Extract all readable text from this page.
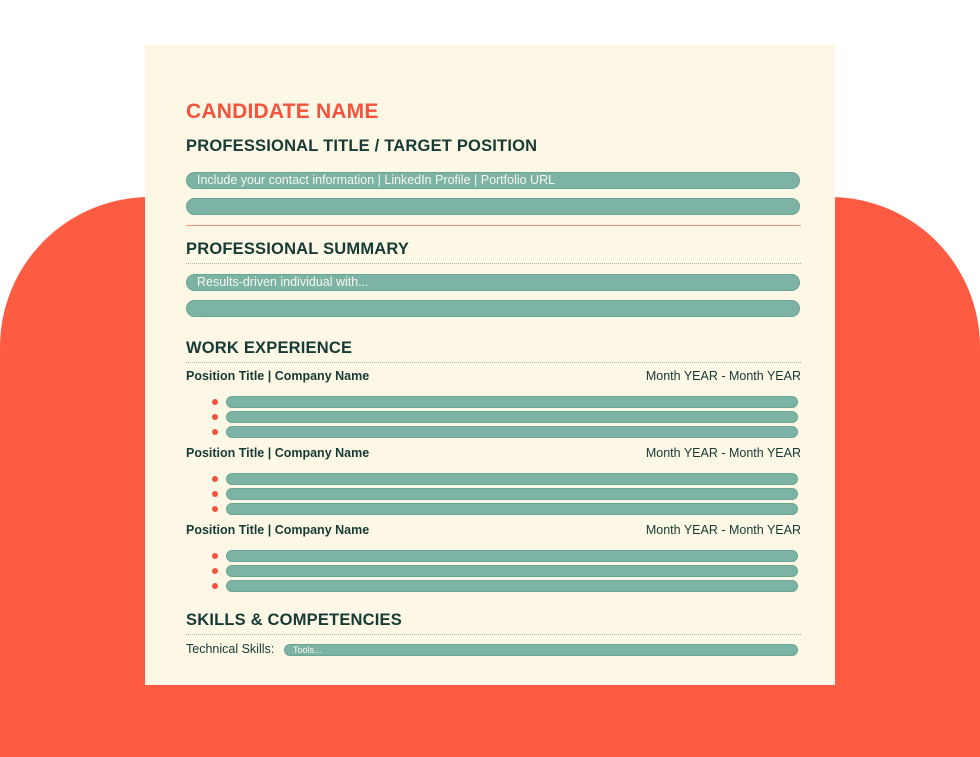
CANDIDATE NAME
PROFESSIONAL TITLE / TARGET POSITION
Include your contact information | LinkedIn Profile | Portfolio URL
PROFESSIONAL SUMMARY
Results-driven individual with...
WORK EXPERIENCE
Position Title | Company Name	Month YEAR - Month YEAR
Position Title | Company Name	Month YEAR - Month YEAR
Position Title | Company Name	Month YEAR - Month YEAR
SKILLS & COMPETENCIES
Technical Skills:	Tools...
